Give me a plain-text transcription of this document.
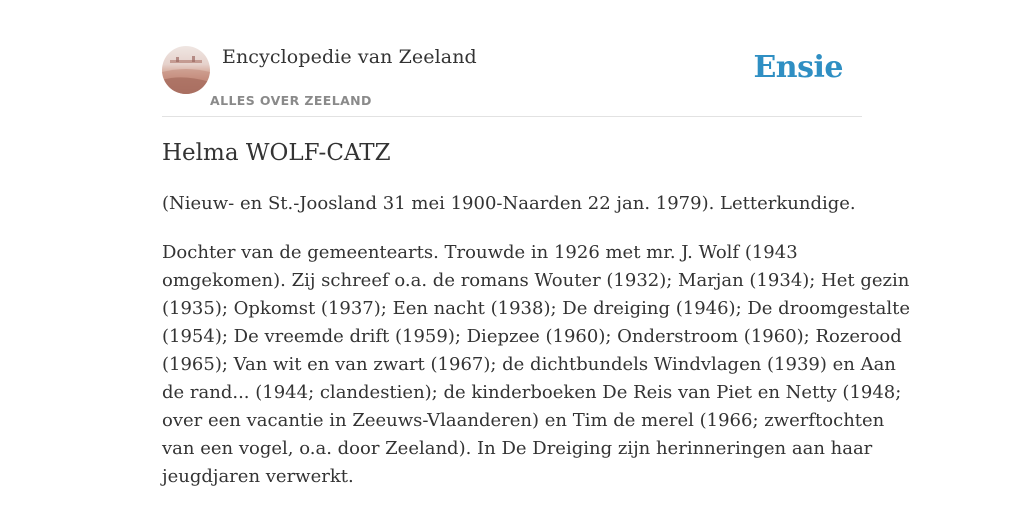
Encyclopedie van Zeeland
ALLES OVER ZEELAND
Ensie
Helma WOLF-CATZ

(Nieuw- en St.-Joosland 31 mei 1900-Naarden 22 jan. 1979). Letterkundige.

Dochter van de gemeentearts. Trouwde in 1926 met mr. J. Wolf (1943
omgekomen). Zij schreef o.a. de romans Wouter (1932); Marjan (1934); Het gezin
(1935); Opkomst (1937); Een nacht (1938); De dreiging (1946); De droomgestalte
(1954); De vreemde drift (1959); Diepzee (1960); Onderstroom (1960); Rozerood
(1965); Van wit en van zwart (1967); de dichtbundels Windvlagen (1939) en Aan
de rand... (1944; clandestien); de kinderboeken De Reis van Piet en Netty (1948;
over een vacantie in Zeeuws-Vlaanderen) en Tim de merel (1966; zwerftochten
van een vogel, o.a. door Zeeland). In De Dreiging zijn herinneringen aan haar
jeugdjaren verwerkt.
